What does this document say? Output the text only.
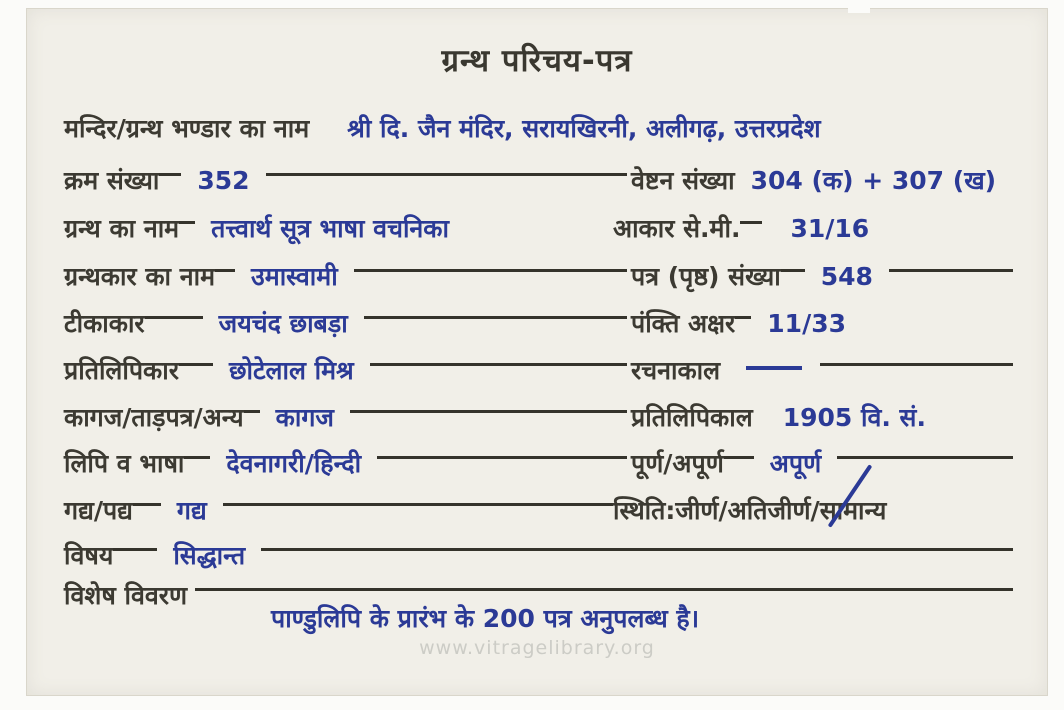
ग्रन्थ परिचय-पत्र
मन्दिर/ग्रन्थ भण्डार का नाम श्री दि. जैन मंदिर, सरायखिरनी, अलीगढ़, उत्तरप्रदेश
क्रम संख्या 352	वेष्टन संख्या 304 (क) + 307 (ख)
ग्रन्थ का नाम तत्त्वार्थ सूत्र भाषा वचनिका	आकार से.मी. 31/16
ग्रन्थकार का नाम उमास्वामी	पत्र (पृष्ठ) संख्या 548
टीकाकार	जयचंद छाबड़ा	पंक्ति अक्षर 11/33
प्रतिलिपिकार छोटेलाल मिश्र	रचनाकाल
कागज/ताड़पत्र/अन्य कागज	प्रतिलिपिकाल 1905 वि. सं.
लिपि व भाषा देवनागरी/हिन्दी	पूर्ण/अपूर्ण अपूर्ण
गद्य/पद्य गद्य	स्थिति:जीर्ण/अतिजीर्ण/ सामान्य
विषय सिद्धान्त
विशेष विवरण
पाण्डुलिपि के प्रारंभ के 200 पत्र अनुपलब्ध है।
www.vitragelibrary.org
